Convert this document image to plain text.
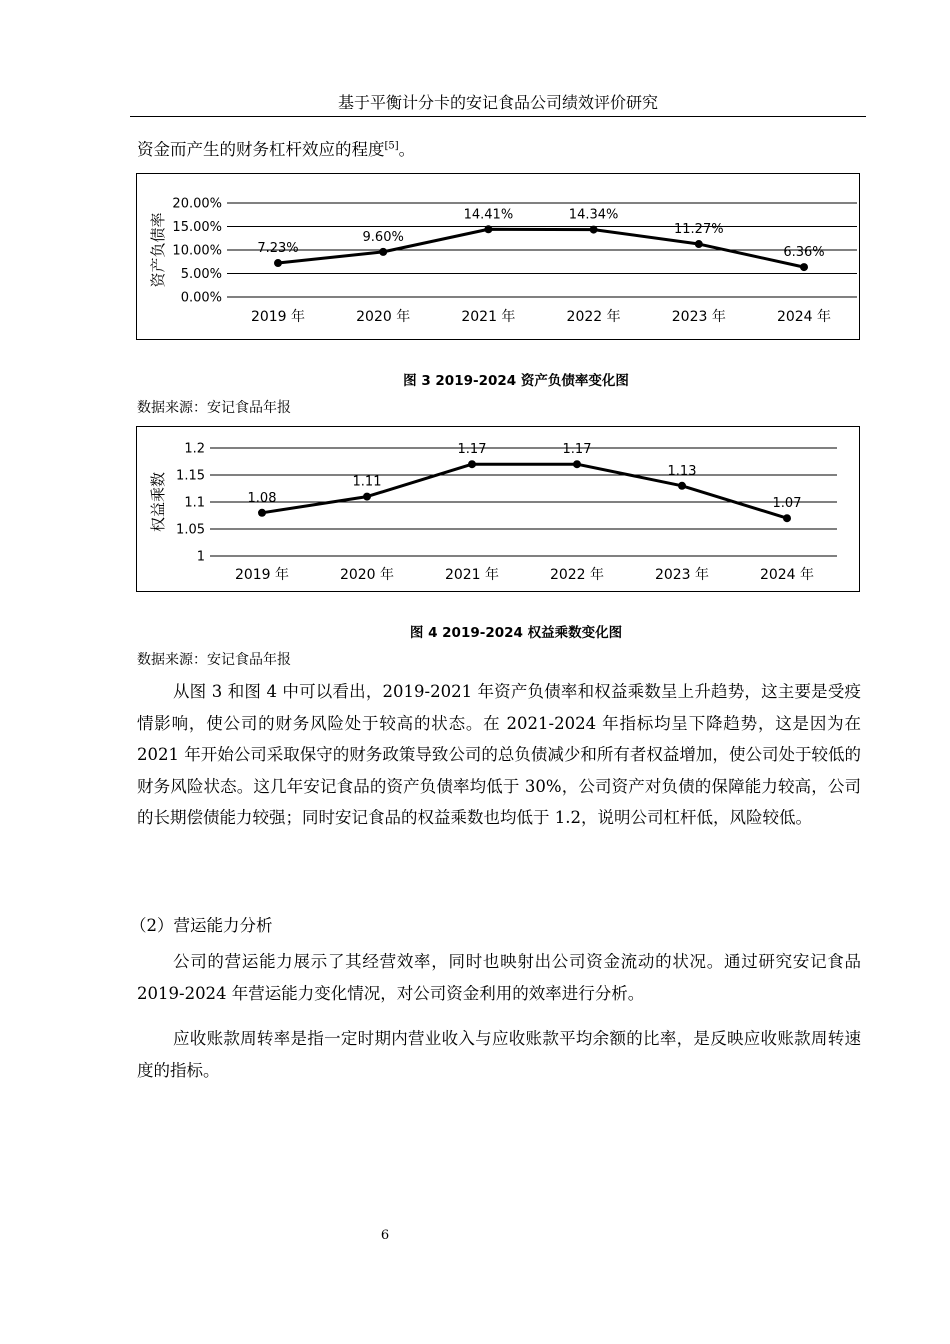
基于平衡计分卡的安记食品公司绩效评价研究
资金而产生的财务杠杆效应的程度[5]。
0.00%
5.00%
10.00%
15.00%
20.00%
资产负债率
2019 年	2020 年	2021 年	2022 年	2023 年	2024 年
7.23%
9.60%
14.41%	14.34%
11.27%
6.36%
图 3 2019-2024 资产负债率变化图
数据来源：安记食品年报
1
1.05
1.1
1.15
1.2
权益乘数
2019 年	2020 年	2021 年	2022 年	2023 年	2024 年
1.08
1.11
1.17	1.17
1.13
1.07
图 4 2019-2024 权益乘数变化图
数据来源：安记食品年报
从图 3 和图 4 中可以看出，2019-2021 年资产负债率和权益乘数呈上升趋势，这主要是受疫情影响，使公司的财务风险处于较高的状态。在 2021-2024 年指标均呈下降趋势，这是因为在 2021 年开始公司采取保守的财务政策导致公司的总负债减少和所有者权益增加，使公司处于较低的财务风险状态。这几年安记食品的资产负债率均低于 30%，公司资产对负债的保障能力较高，公司的长期偿债能力较强；同时安记食品的权益乘数也均低于 1.2，说明公司杠杆低，风险较低。
（2）营运能力分析
公司的营运能力展示了其经营效率，同时也映射出公司资金流动的状况。通过研究安记食品 2019-2024 年营运能力变化情况，对公司资金利用的效率进行分析。
应收账款周转率是指一定时期内营业收入与应收账款平均余额的比率，是反映应收账款周转速度的指标。
6
